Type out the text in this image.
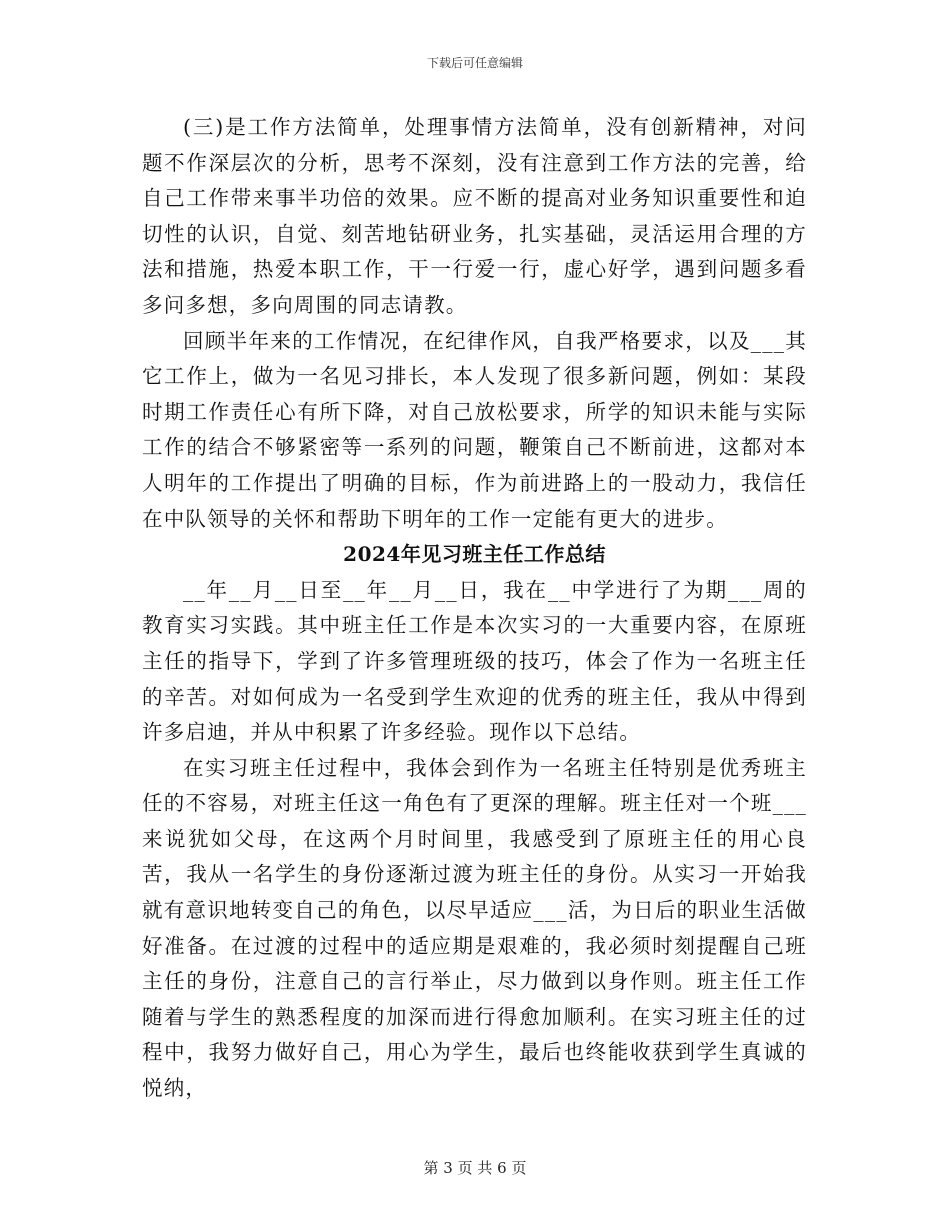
下载后可任意编辑

(三)是工作方法简单，处理事情方法简单，没有创新精神，对问题不作深层次的分析，思考不深刻，没有注意到工作方法的完善，给自己工作带来事半功倍的效果。应不断的提高对业务知识重要性和迫切性的认识，自觉、刻苦地钻研业务，扎实基础，灵活运用合理的方法和措施，热爱本职工作，干一行爱一行，虚心好学，遇到问题多看多问多想，多向周围的同志请教。

回顾半年来的工作情况，在纪律作风，自我严格要求，以及___其它工作上，做为一名见习排长，本人发现了很多新问题，例如：某段时期工作责任心有所下降，对自己放松要求，所学的知识未能与实际工作的结合不够紧密等一系列的问题，鞭策自己不断前进，这都对本人明年的工作提出了明确的目标，作为前进路上的一股动力，我信任在中队领导的关怀和帮助下明年的工作一定能有更大的进步。

2024年见习班主任工作总结

__年__月__日至__年__月__日，我在__中学进行了为期___周的教育实习实践。其中班主任工作是本次实习的一大重要内容，在原班主任的指导下，学到了许多管理班级的技巧，体会了作为一名班主任的辛苦。对如何成为一名受到学生欢迎的优秀的班主任，我从中得到许多启迪，并从中积累了许多经验。现作以下总结。

在实习班主任过程中，我体会到作为一名班主任特别是优秀班主任的不容易，对班主任这一角色有了更深的理解。班主任对一个班___来说犹如父母，在这两个月时间里，我感受到了原班主任的用心良苦，我从一名学生的身份逐渐过渡为班主任的身份。从实习一开始我就有意识地转变自己的角色，以尽早适应___活，为日后的职业生活做好准备。在过渡的过程中的适应期是艰难的，我必须时刻提醒自己班主任的身份，注意自己的言行举止，尽力做到以身作则。班主任工作随着与学生的熟悉程度的加深而进行得愈加顺利。在实习班主任的过程中，我努力做好自己，用心为学生，最后也终能收获到学生真诚的悦纳，

第 3 页 共 6 页
